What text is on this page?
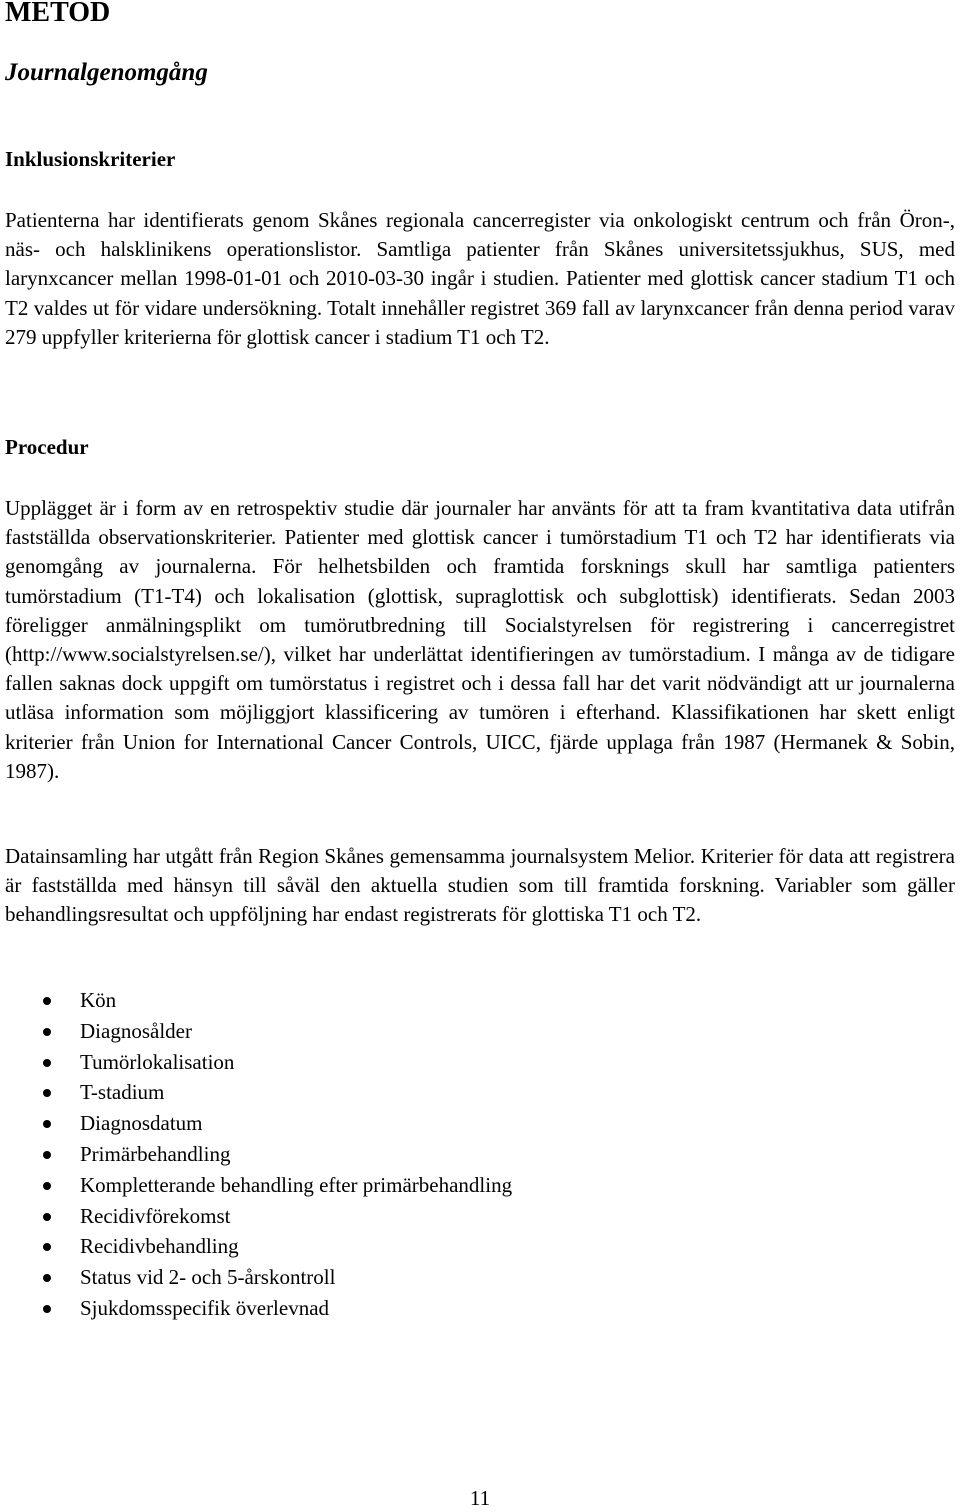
METOD
Journalgenomgång
Inklusionskriterier

Patienterna har identifierats genom Skånes regionala cancerregister via onkologiskt centrum och från Öron-, näs- och halsklinikens operationslistor. Samtliga patienter från Skånes universitetssjukhus, SUS, med larynxcancer mellan 1998-01-01 och 2010-03-30 ingår i studien. Patienter med glottisk cancer stadium T1 och T2 valdes ut för vidare undersökning. Totalt innehåller registret 369 fall av larynxcancer från denna period varav 279 uppfyller kriterierna för glottisk cancer i stadium T1 och T2.

Procedur

Upplägget är i form av en retrospektiv studie där journaler har använts för att ta fram kvantitativa data utifrån fastställda observationskriterier. Patienter med glottisk cancer i tumörstadium T1 och T2 har identifierats via genomgång av journalerna. För helhetsbilden och framtida forsknings skull har samtliga patienters tumörstadium (T1-T4) och lokalisation (glottisk, supraglottisk och subglottisk) identifierats. Sedan 2003 föreligger anmälningsplikt om tumörutbredning till Socialstyrelsen för registrering i cancerregistret (http://www.socialstyrelsen.se/), vilket har underlättat identifieringen av tumörstadium. I många av de tidigare fallen saknas dock uppgift om tumörstatus i registret och i dessa fall har det varit nödvändigt att ur journalerna utläsa information som möjliggjort klassificering av tumören i efterhand. Klassifikationen har skett enligt kriterier från Union for International Cancer Controls, UICC, fjärde upplaga från 1987 (Hermanek & Sobin, 1987).

Datainsamling har utgått från Region Skånes gemensamma journalsystem Melior. Kriterier för data att registrera är fastställda med hänsyn till såväl den aktuella studien som till framtida forskning. Variabler som gäller behandlingsresultat och uppföljning har endast registrerats för glottiska T1 och T2.

Kön
Diagnosålder
Tumörlokalisation
T-stadium
Diagnosdatum
Primärbehandling
Kompletterande behandling efter primärbehandling
Recidivförekomst
Recidivbehandling
Status vid 2- och 5-årskontroll
Sjukdomsspecifik överlevnad
11
